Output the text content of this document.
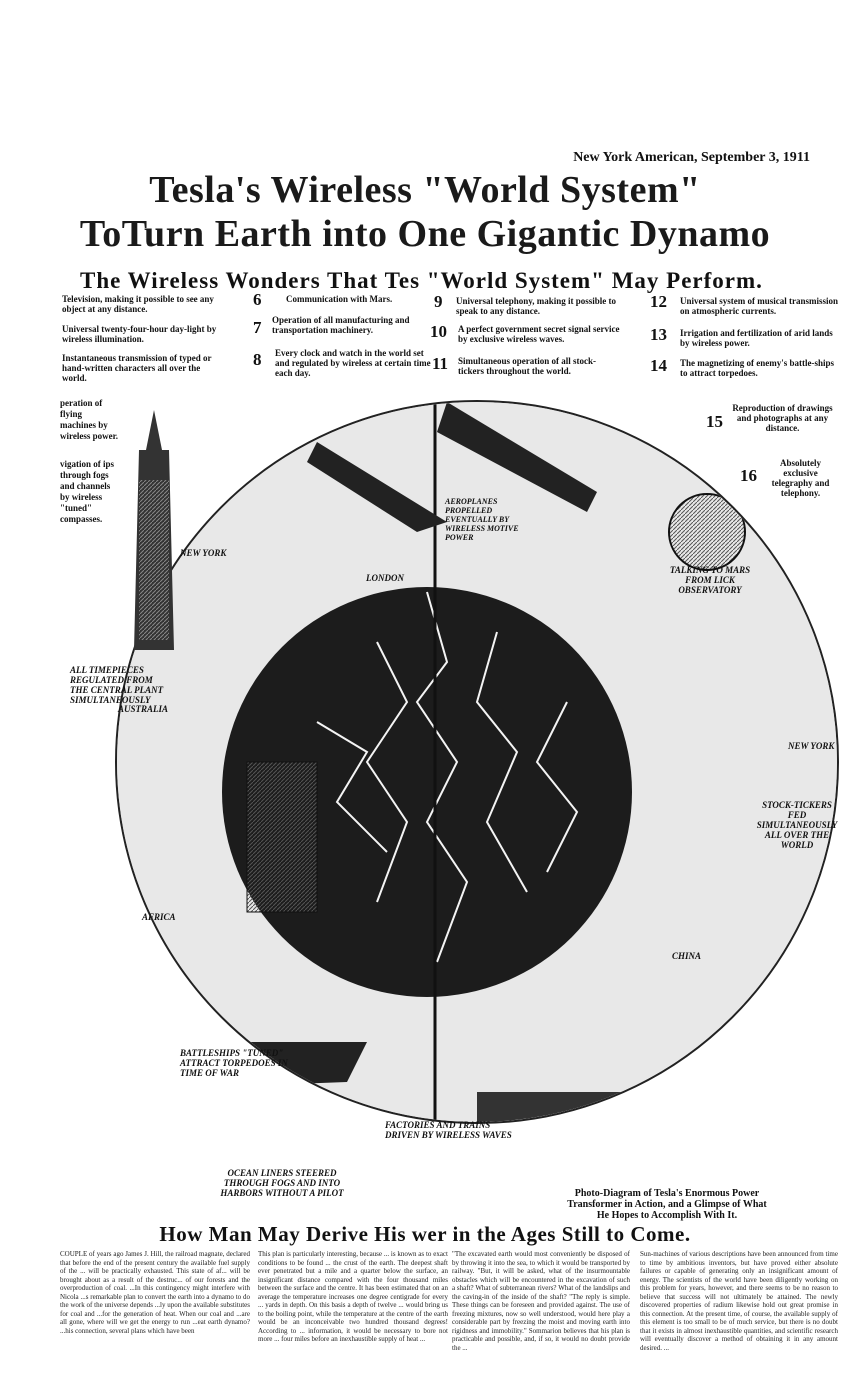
New York American, September 3, 1911
Tesla's Wireless "World System"
ToTurn Earth into One Gigantic Dynamo
The Wireless Wonders That Tes "World System" May Perform.
Television, making it possible to see any object at any distance.
Universal twenty-four-hour day-light by wireless illumination.
Instantaneous transmission of typed or hand-written characters all over the world.
6	Communication with Mars.
7 Operation of all manufacturing and transportation machinery.
8 Every clock and watch in the world set and regulated by wireless at certain time each day.
9 Universal telephony, making it possible to speak to any distance.
10 A perfect government secret signal service by exclusive wireless waves.
11 Simultaneous operation of all stock-tickers throughout the world.
12 Universal system of musical transmission on atmospheric currents.
13 Irrigation and fertilization of arid lands by wireless power.
14 The magnetizing of enemy's battle-ships to attract torpedoes.
peration of flying machines by wireless power.
vigation of ips through fogs and channels by wireless "tuned" compasses.
15
Reproduction of drawings and photographs at any distance.
16
Absolutely exclusive telegraphy and telephony.
NEW YORK
LONDON
AEROPLANES PROPELLED EVENTUALLY BY WIRELESS MOTIVE POWER
TALKING TO MARS FROM LICK OBSERVATORY
ALL TIMEPIECES REGULATED FROM THE CENTRAL PLANT SIMULTANEOUSLY
AUSTRALIA
NEW YORK
STOCK-TICKERS FED SIMULTANEOUSLY ALL OVER THE WORLD
AFRICA
CHINA
BATTLESHIPS "TUNED" ATTRACT TORPEDOES IN TIME OF WAR
FACTORIES AND TRAINS DRIVEN BY WIRELESS WAVES
OCEAN LINERS STEERED THROUGH FOGS AND INTO HARBORS WITHOUT A PILOT	Photo-Diagram of Tesla's Enormous Power Transformer in Action, and a Glimpse of What He Hopes to Accomplish With It.
How Man May Derive His wer in the Ages Still to Come.
COUPLE of years ago James J. Hill, the railroad magnate, declared that before the end of the present century the available fuel supply of the ... will be practically exhausted. This state of af... will be brought about as a result of the destruc... of our forests and the overproduction of coal. ...In this contingency might interfere with Nicola ...s remarkable plan to convert the earth into a dynamo to do the work of the universe depends ...ly upon the available substitutes for coal and ...for the generation of heat. When our coal and ...are all gone, where will we get the energy to run ...eat earth dynamo? ...his connection, several plans which have been
This plan is particularly interesting, because ... is known as to exact conditions to be found ... the crust of the earth. The deepest shaft ever penetrated but a mile and a quarter below the surface, an insignificant distance compared with the four thousand miles between the surface and the centre. It has been estimated that on an average the temperature increases one degree centigrade for every ... yards in depth. On this basis a depth of twelve ... would bring us to the boiling point, while the temperature at the centre of the earth would be an inconceivable two hundred thousand degrees! According to ... information, it would be necessary to bore not more ... four miles before an inexhaustible supply of heat ...
"The excavated earth would most conveniently be disposed of by throwing it into the sea, to which it would be transported by railway. "But, it will be asked, what of the insurmountable obstacles which will be encountered in the excavation of such a shaft? What of subterranean rivers? What of the landslips and the caving-in of the inside of the shaft? "The reply is simple. These things can be foreseen and provided against. The use of freezing mixtures, now so well understood, would here play a considerable part by freezing the moist and moving earth into rigidness and immobility." Sommarion believes that his plan is practicable and possible, and, if so, it would no doubt provide the ...
Sun-machines of various descriptions have been announced from time to time by ambitious inventors, but have proved either absolute failures or capable of generating only an insignificant amount of energy. The scientists of the world have been diligently working on this problem for years, however, and there seems to be no reason to believe that success will not ultimately be attained. The newly discovered properties of radium likewise hold out great promise in this connection. At the present time, of course, the available supply of this element is too small to be of much service, but there is no doubt that it exists in almost inexhaustible quantities, and scientific research will eventually discover a method of obtaining it in any amount desired. ...
